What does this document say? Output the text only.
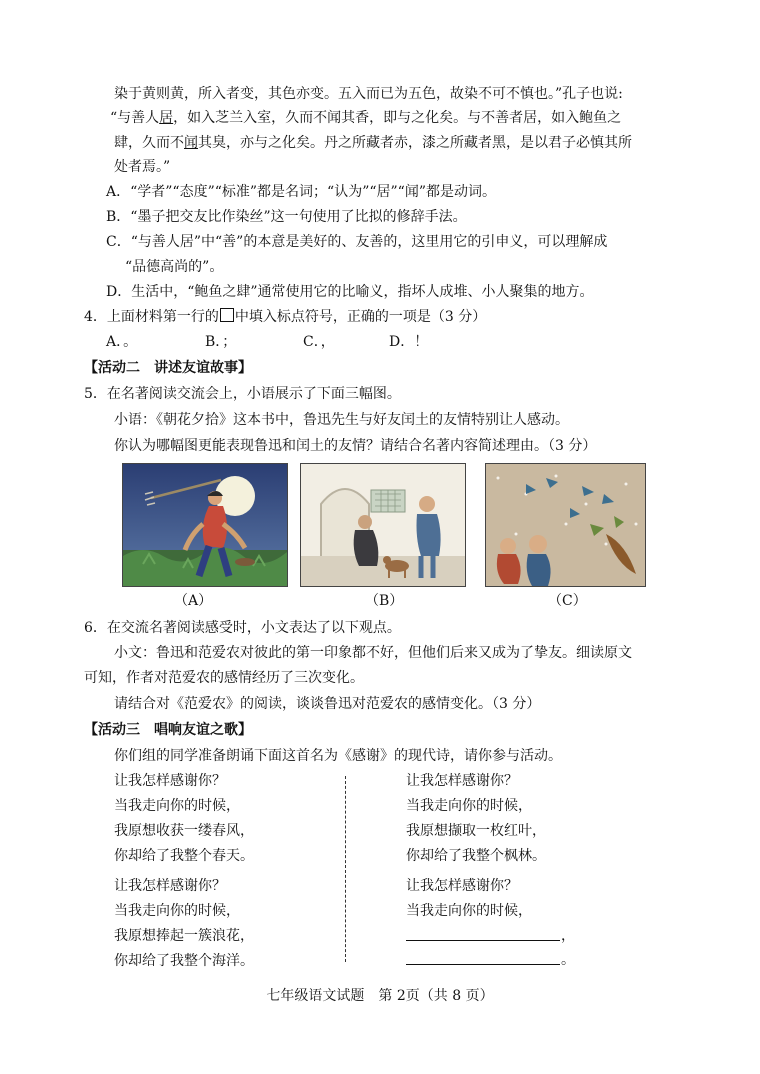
染于黄则黄，所入者变，其色亦变。五入而已为五色，故染不可不慎也。”孔子也说:
“与善人居，如入芝兰入室，久而不闻其香，即与之化矣。与不善者居，如入鲍鱼之
肆，久而不闻其臭，亦与之化矣。丹之所藏者赤，漆之所藏者黑，是以君子必慎其所
处者焉。”
A．“学者”“态度”“标准”都是名词；“认为”“居”“闻”都是动词。
B．“墨子把交友比作染丝”这一句使用了比拟的修辞手法。
C．“与善人居”中“善”的本意是美好的、友善的，这里用它的引申义，可以理解成
“品德高尚的”。
D．生活中，“鲍鱼之肆”通常使用它的比喻义，指坏人成堆、小人聚集的地方。
4．上面材料第一行的 中填入标点符号，正确的一项是（3 分）
A．。	B．；	C．，	D．！
【活动二　讲述友谊故事】
5．在名著阅读交流会上，小语展示了下面三幅图。
小语：《朝花夕拾》这本书中，鲁迅先生与好友闰土的友情特别让人感动。
你认为哪幅图更能表现鲁迅和闰土的友情？请结合名著内容简述理由。（3 分）
（A）	（B）	（C）
6．在交流名著阅读感受时，小文表达了以下观点。
小文：鲁迅和范爱农对彼此的第一印象都不好，但他们后来又成为了挚友。细读原文
可知，作者对范爱农的感情经历了三次变化。
请结合对《范爱农》的阅读，谈谈鲁迅对范爱农的感情变化。（3 分）
【活动三　唱响友谊之歌】
你们组的同学准备朗诵下面这首名为《感谢》的现代诗，请你参与活动。
让我怎样感谢你？
当我走向你的时候，
我原想收获一缕春风，
你却给了我整个春天。
让我怎样感谢你？
当我走向你的时候，
我原想捧起一簇浪花，
你却给了我整个海洋。
让我怎样感谢你？
当我走向你的时候，
我原想撷取一枚红叶，
你却给了我整个枫林。
让我怎样感谢你？
当我走向你的时候，
，
。
七年级语文试题　第 2页（共 8 页）
